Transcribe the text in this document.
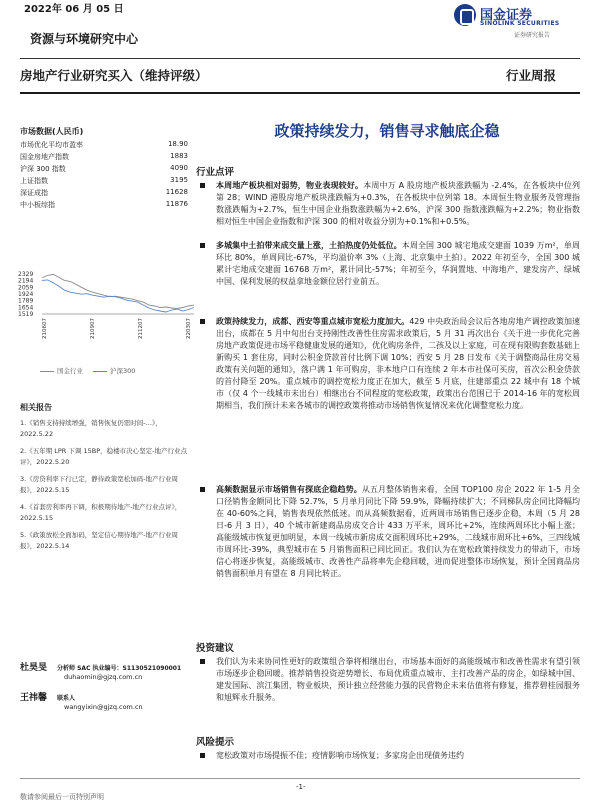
2022年 06 月 05 日	国金证券
SINOLINK SECURITIES
证券研究报告
资源与环境研究中心
房地产行业研究买入（维持评级）	行业周报
市场数据(人民币)
市场优化平均市盈率	18.90
国金房地产指数	1883
沪深 300 指数	4090
上证指数	3195
深证成指	11628
中小板综指	11876
2329
2194
2059
1924
1789
1654
1519
210607	210907	211207	220307
国金行业	沪深300
相关报告
1.《销售支持持续增强，销售恢复仍需时间-…》，2022.5.22
2.《五年期 LPR 下调 15BP，稳楼市决心坚定-地产行业点评》，2022.5.20
3.《房贷利率下行已定，静待政策宽松加码-地产行业周报》，2022.5.15
4.《首套房利率再下调，积极期待地产-地产行业点评》，2022.5.15
5.《政策放松全面加码，坚定信心期待地产-地产行业周报》，2022.5.14
杜昊旻 分析师 SAC 执业编号：S1130521090001
duhaomin@gjzq.com.cn
王祎馨 联系人
wangyixin@gjzq.com.cn
政策持续发力，销售寻求触底企稳
行业点评
本周地产板块相对弱势，物业表现较好。本周中万 A 股房地产板块涨跌幅为 -2.4%，在各板块中位列第 28；WIND 港股房地产板块涨跌幅为+0.3%，在各板块中位列第 18。本周恒生物业服务及管理指数涨跌幅为+2.7%，恒生中国企业指数涨跌幅为+2.6%，沪深 300 指数涨跌幅为+2.2%；物业指数相对恒生中国企业指数和沪深 300 的相对收益分别为+0.1%和+0.5%。
多城集中土拍带来成交量上涨，土拍热度仍处低位。本周全国 300 城宅地成交建面 1039 万m²，单周环比 80%，单周同比-67%，平均溢价率 3%（上海、北京集中土拍）。2022 年初至今，全国 300 城累计宅地成交建面 16768 万m²，累计同比-57%；年初至今，华润置地、中海地产、建发房产、绿城中国、保利发展的权益拿地金额位居行业前五。
政策持续发力，成都、西安等重点城市宽松力度加大。429 中央政治局会议后各地房地产调控政策加速出台，成都在 5 月中旬出台支持刚性改善性住房需求政策后，5 月 31 再次出台《关于进一步优化完善房地产政策促进市场平稳健康发展的通知》，优化购房条件，二孩及以上家庭，可在现有限购套数基础上新购买 1 套住房，同时公积金贷款首付比例下调 10%；西安 5 月 28 日发布《关于调整商品住房交易政策有关问题的通知》，落户满 1 年可购房，非本地户口有连续 2 年本市社保可买房，首次公积金贷款的首付降至 20%。重点城市的调控宽松力度正在加大，截至 5 月底，住建部重点 22 城中有 18 个城市（仅 4 个一线城市未出台）相继出台不同程度的宽松政策，政策出台范围已于 2014-16 年的宽松周期相当，我们预计未来各城市的调控政策将推动市场销售恢复情况来优化调整宽松力度。
高频数据显示市场销售有探底企稳趋势。从五月整体销售来看，全国 TOP100 房企 2022 年 1-5 月全口径销售金额同比下降 52.7%，5 月单月同比下降 59.9%，降幅持续扩大；不同梯队房企同比降幅均在 40-60%之间，销售表现依然低迷。而从高频数据看，近两周市场销售已逐步企稳，本周（5 月 28 日-6 月 3 日），40 个城市新建商品房成交合计 433 万平米，周环比+2%，连续两周环比小幅上涨；高能级城市恢复更加明显，本周一线城市新房成交面积周环比+29%，二线城市周环比+6%，三四线城市周环比-39%，典型城市在 5 月销售面积已同比回正。我们认为在宽松政策持续发力的带动下，市场信心将逐步恢复，高能级城市、改善性产品将率先企稳回暖，进而促进整体市场恢复，预计全国商品房销售面积单月有望在 8 月同比转正。
投资建议
我们认为未来协同性更好的政策组合拳将相继出台，市场基本面好的高能级城市和改善性需求有望引领市场逐步企稳回暖。推荐销售投资逆势增长、布局优质重点城市、主打改善产品的房企，如绿城中国、建发国际、滨江集团，物业板块，预计独立经营能力强的民营物企未来估值将有修复，推荐碧桂园服务和旭辉永升服务。
风险提示
宽松政策对市场提振不佳；疫情影响市场恢复；多家房企出现债务违约
-1-
敬请参阅最后一页特别声明
